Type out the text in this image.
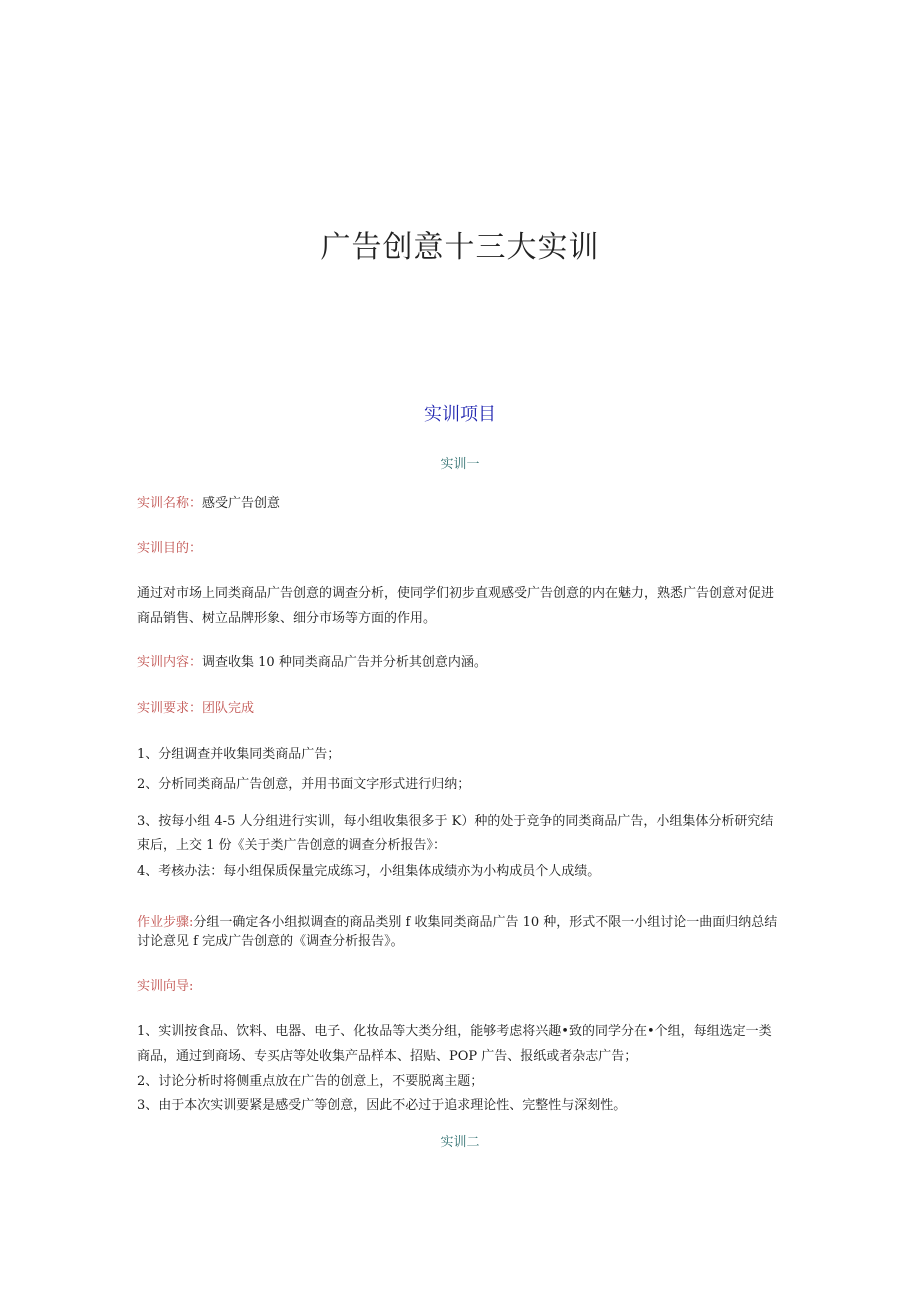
广告创意十三大实训
实训项目
实训一
实训名称：感受广告创意
实训目的：
通过对市场上同类商品广告创意的调查分析，使同学们初步直观感受广告创意的内在魅力，熟悉广告创意对促进
商品销售、树立品牌形象、细分市场等方面的作用。
实训内容：调查收集 10 种同类商品广告并分析其创意内涵。
实训要求：团队完成
1、分组调查并收集同类商品广告；
2、分析同类商品广告创意，并用书面文字形式进行归纳；
3、按每小组 4-5 人分组进行实训，每小组收集很多于 K）种的处于竞争的同类商品广告，小组集体分析研究结
束后，上交 1 份《关于类广告创意的调查分析报告》：
4、考核办法：每小组保质保量完成练习，小组集体成绩亦为小构成员个人成绩。
作业步骤:分组一确定各小组拟调查的商品类别 f 收集同类商品广告 10 种，形式不限一小组讨论一曲面归纳总结
讨论意见 f 完成广告创意的《调查分析报告》。
实训向导:
1、实训按食品、饮料、电器、电子、化妆品等大类分组，能够考虑将兴趣•致的同学分在•个组，每组选定一类
商品，通过到商场、专买店等处收集产品样本、招贴、POP 广告、报纸或者杂志广告；
2、讨论分析时将侧重点放在广告的创意上，不要脱离主题；
3、由于本次实训要紧是感受广等创意，因此不必过于追求理论性、完整性与深刻性。
实训二
